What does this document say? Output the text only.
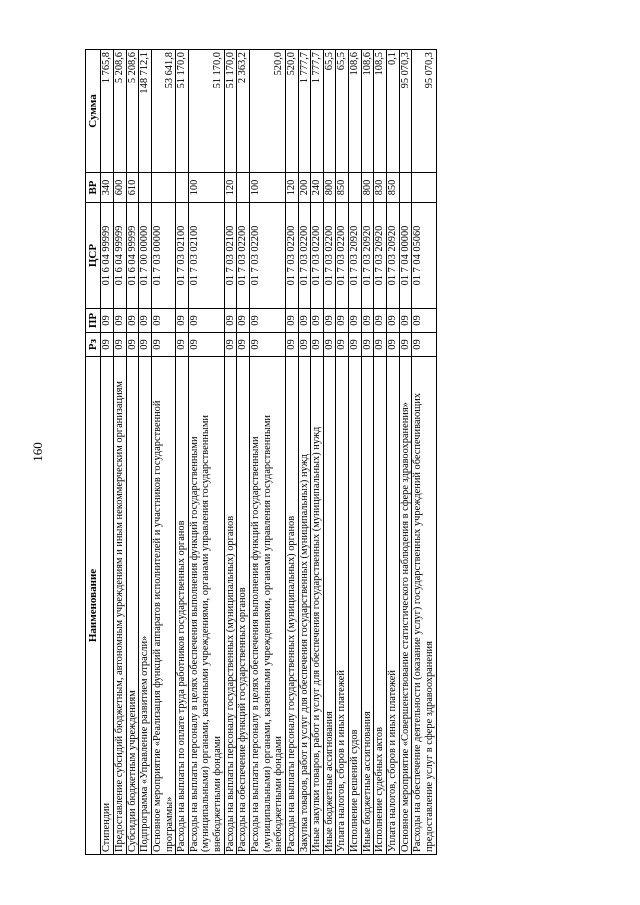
160
Наименование	Рз	ПР	ЦСР	ВР	Сумма
Стипендии	09	09	01 6 04 99999	340	1 765,8
Предоставление субсидий бюджетным, автономным учреждениям и иным некоммерческим организациям	09	09	01 6 04 99999	600	5 208,6
Субсидии бюджетным учреждениям	09	09	01 6 04 99999	610	5 208,6
Подпрограмма «Управление развитием отрасли»	09	09	01 7 00 00000		148 712,1
Основное мероприятие «Реализация функций аппаратов исполнителей и участников государственной программы»	09	09	01 7 03 00000		53 641,8
Расходы на выплаты по оплате труда работников государственных органов	09	09	01 7 03 02100		51 170,0
Расходы на выплаты персоналу в целях обеспечения выполнения функций государственными (муниципальными) органами, казенными учреждениями, органами управления государственными внебюджетными фондами	09	09	01 7 03 02100	100	51 170,0
Расходы на выплаты персоналу государственных (муниципальных) органов	09	09	01 7 03 02100	120	51 170,0
Расходы на обеспечение функций государственных органов	09	09	01 7 03 02200		2 363,2
Расходы на выплаты персоналу в целях обеспечения выполнения функций государственными (муниципальными) органами, казенными учреждениями, органами управления государственными внебюджетными фондами	09	09	01 7 03 02200	100	520,0
Расходы на выплаты персоналу государственных (муниципальных) органов	09	09	01 7 03 02200	120	520,0
Закупка товаров, работ и услуг для обеспечения государственных (муниципальных) нужд	09	09	01 7 03 02200	200	1 777,7
Иные закупки товаров, работ и услуг для обеспечения государственных (муниципальных) нужд	09	09	01 7 03 02200	240	1 777,7
Иные бюджетные ассигнования	09	09	01 7 03 02200	800	65,5
Уплата налогов, сборов и иных платежей	09	09	01 7 03 02200	850	65,5
Исполнение решений судов	09	09	01 7 03 20920		108,6
Иные бюджетные ассигнования	09	09	01 7 03 20920	800	108,6
Исполнение судебных актов	09	09	01 7 03 20920	830	108,5
Уплата налогов, сборов и иных платежей	09	09	01 7 03 20920	850	0,1
Основное мероприятие «Совершенствование статистического наблюдения в сфере здравоохранения»	09	09	01 7 04 00000		95 070,3
Расходы на обеспечение деятельности (оказание услуг) государственных учреждений обеспечивающих предоставление услуг в сфере здравоохранения	09	09	01 7 04 05060		95 070,3
